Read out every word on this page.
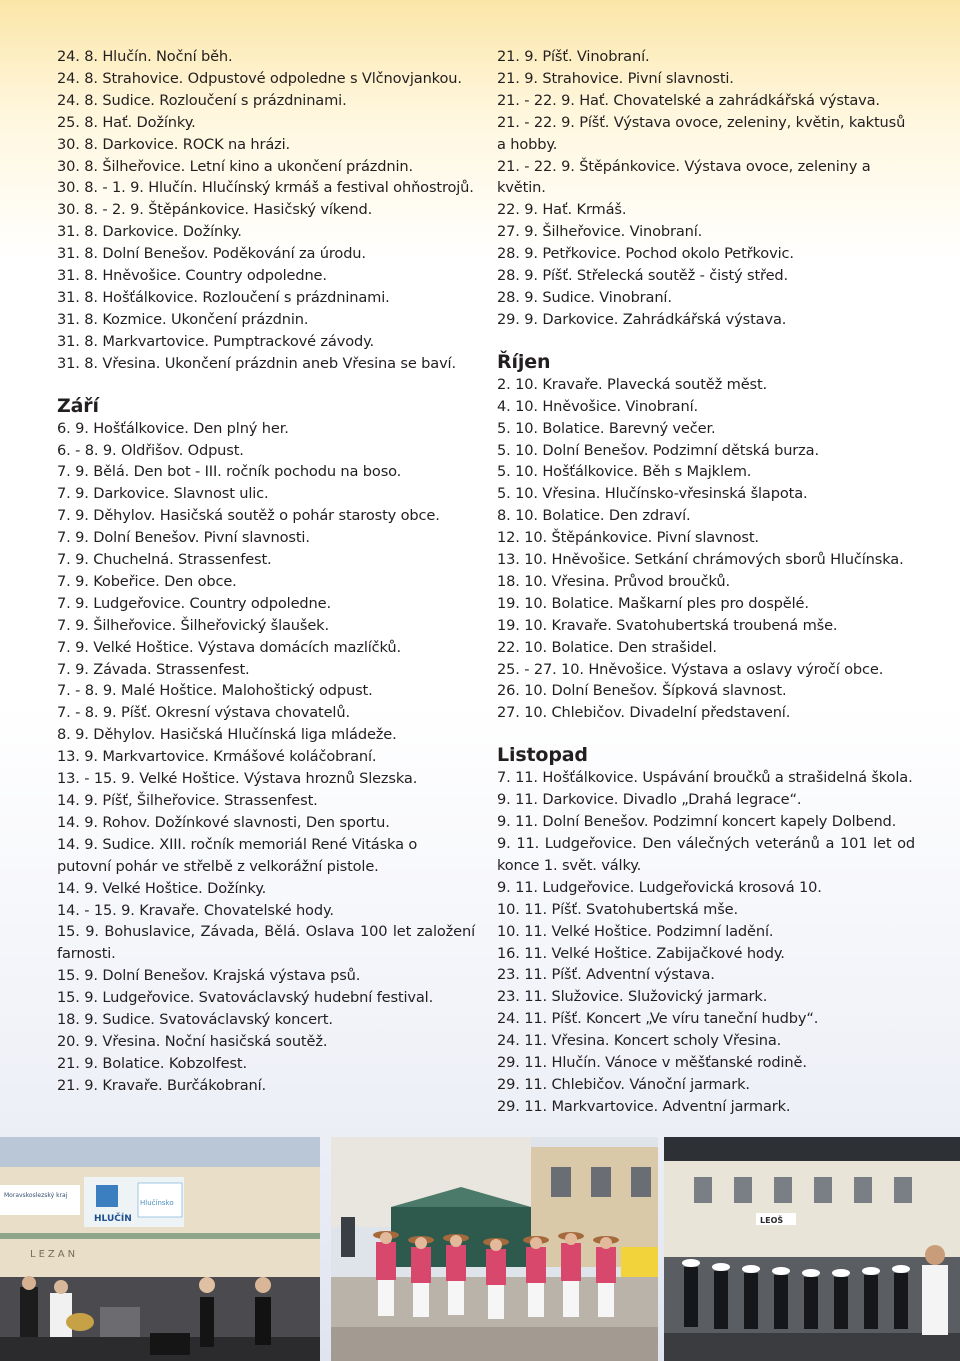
24. 8. Hlučín. Noční běh.

24. 8. Strahovice. Odpustové odpoledne s Vlčnovjankou.

24. 8. Sudice. Rozloučení s prázdninami.

25. 8. Hať. Dožínky.

30. 8. Darkovice. ROCK na hrázi.

30. 8. Šilheřovice. Letní kino a ukončení prázdnin.

30. 8. - 1. 9. Hlučín. Hlučínský krmáš a festival ohňostrojů.

30. 8. - 2. 9. Štěpánkovice. Hasičský víkend.

31. 8. Darkovice. Dožínky.

31. 8. Dolní Benešov. Poděkování za úrodu.

31. 8. Hněvošice. Country odpoledne.

31. 8. Hošťálkovice. Rozloučení s prázdninami.

31. 8. Kozmice. Ukončení prázdnin.

31. 8. Markvartovice. Pumptrackové závody.

31. 8. Vřesina. Ukončení prázdnin aneb Vřesina se baví.

Září

6. 9. Hošťálkovice. Den plný her.

6. - 8. 9. Oldřišov. Odpust.

7. 9. Bělá. Den bot - III. ročník pochodu na boso.

7. 9. Darkovice. Slavnost ulic.

7. 9. Děhylov. Hasičská soutěž o pohár starosty obce.

7. 9. Dolní Benešov. Pivní slavnosti.

7. 9. Chuchelná. Strassenfest.

7. 9. Kobeřice. Den obce.

7. 9. Ludgeřovice. Country odpoledne.

7. 9. Šilheřovice. Šilheřovický šlaušek.

7. 9. Velké Hoštice. Výstava domácích mazlíčků.

7. 9. Závada. Strassenfest.

7. - 8. 9. Malé Hoštice. Malohoštický odpust.

7. - 8. 9. Píšť. Okresní výstava chovatelů.

8. 9. Děhylov. Hasičská Hlučínská liga mládeže.

13. 9. Markvartovice. Krmášové koláčobraní.

13. - 15. 9. Velké Hoštice. Výstava hroznů Slezska.

14. 9. Píšť, Šilheřovice. Strassenfest.

14. 9. Rohov. Dožínkové slavnosti, Den sportu.

14. 9. Sudice. XIII. ročník memoriál René Vitáska o putovní pohár ve střelbě z velkorážní pistole.

14. 9. Velké Hoštice. Dožínky.

14. - 15. 9. Kravaře. Chovatelské hody.

15. 9. Bohuslavice, Závada, Bělá. Oslava 100 let založení farnosti.

15. 9. Dolní Benešov. Krajská výstava psů.

15. 9. Ludgeřovice. Svatováclavský hudební festival.

18. 9. Sudice. Svatováclavský koncert.

20. 9. Vřesina. Noční hasičská soutěž.

21. 9. Bolatice. Kobzolfest.

21. 9. Kravaře. Burčákobraní.

21. 9. Píšť. Vinobraní.

21. 9. Strahovice. Pivní slavnosti.

21. - 22. 9. Hať. Chovatelské a zahrádkářská výstava.

21. - 22. 9. Píšť. Výstava ovoce, zeleniny, květin, kaktusů a hobby.

21. - 22. 9. Štěpánkovice. Výstava ovoce, zeleniny a květin.

22. 9. Hať. Krmáš.

27. 9. Šilheřovice. Vinobraní.

28. 9. Petřkovice. Pochod okolo Petřkovic.

28. 9. Píšť. Střelecká soutěž - čistý střed.

28. 9. Sudice. Vinobraní.

29. 9. Darkovice. Zahrádkářská výstava.

Říjen

2. 10. Kravaře. Plavecká soutěž měst.

4. 10. Hněvošice. Vinobraní.

5. 10. Bolatice. Barevný večer.

5. 10. Dolní Benešov. Podzimní dětská burza.

5. 10. Hošťálkovice. Běh s Majklem.

5. 10. Vřesina. Hlučínsko-vřesinská šlapota.

8. 10. Bolatice. Den zdraví.

12. 10. Štěpánkovice. Pivní slavnost.

13. 10. Hněvošice. Setkání chrámových sborů Hlučínska.

18. 10. Vřesina. Průvod broučků.

19. 10. Bolatice. Maškarní ples pro dospělé.

19. 10. Kravaře. Svatohubertská troubená mše.

22. 10. Bolatice. Den strašidel.

25. - 27. 10. Hněvošice. Výstava a oslavy výročí obce.

26. 10. Dolní Benešov. Šípková slavnost.

27. 10. Chlebičov. Divadelní představení.

Listopad

7. 11. Hošťálkovice. Uspávání broučků a strašidelná škola.

9. 11. Darkovice. Divadlo „Drahá legrace“.

9. 11. Dolní Benešov. Podzimní koncert kapely Dolbend.

9. 11. Ludgeřovice. Den válečných veteránů a 101 let od konce 1. svět. války.

9. 11. Ludgeřovice. Ludgeřovická krosová 10.

10. 11. Píšť. Svatohubertská mše.

10. 11. Velké Hoštice. Podzimní ladění.

16. 11. Velké Hoštice. Zabijačkové hody.

23. 11. Píšť. Adventní výstava.

23. 11. Služovice. Služovický jarmark.

24. 11. Píšť. Koncert „Ve víru taneční hudby“.

24. 11. Vřesina. Koncert scholy Vřesina.

29. 11. Hlučín. Vánoce v měšťanské rodině.

29. 11. Chlebičov. Vánoční jarmark.

29. 11. Markvartovice. Adventní jarmark.

HLUČÍN
Hlučínsko
Moravskoslezský kraj
LEZAN
LEOŠ
